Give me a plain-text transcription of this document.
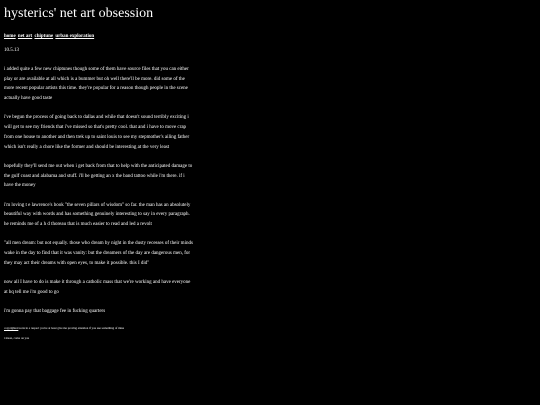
hysterics' net art obsession
home net art chiptune urban exploration
10.5.13

i added quite a few new chiptunes though some of them have source files that you can either play or are available at all which is a bummer but oh well there'll be more. did some of the more recent popular artists this time. they're popular for a reason though people in the scene actually have good taste

i've begun the process of going back to dallas and while that doesn't sound terribly exciting i will get to see my friends that i've missed so that's pretty cool. that and i have to move crap from one house to another and then trek up to saint louis to see my stepmother's ailing father which isn't really a chore like the former and should be interesting at the very least

hopefully they'll send me out when i get back from that to help with the anticipated damage to the gulf coast and alabama and stuff. i'll be getting an x the band tattoo while i'm there. if i have the money

i'm loving t e lawrence's book "the seven pillars of wisdom" so far. the man has an absolutely beautiful way with words and has something genuinely interesting to say in every paragraph. he reminds me of a h d thoreau that is much easier to read and led a revolt

"all men dream: but not equally. those who dream by night in the dusty recesses of their minds wake in the day to find that it was vanity: but the dreamers of the day are dangerous men, for they may act their dreams with open eyes, to make it possible. this I did"

now all I have to do is make it through a catholic mass that we're working and have everyone at hq tell me i'm good to go

i'm gonna pay that baggage fee in fucking quarters

copyrighted sorta in a respect you're at least give me proving attention if you use something of mine
i mean, come on you
